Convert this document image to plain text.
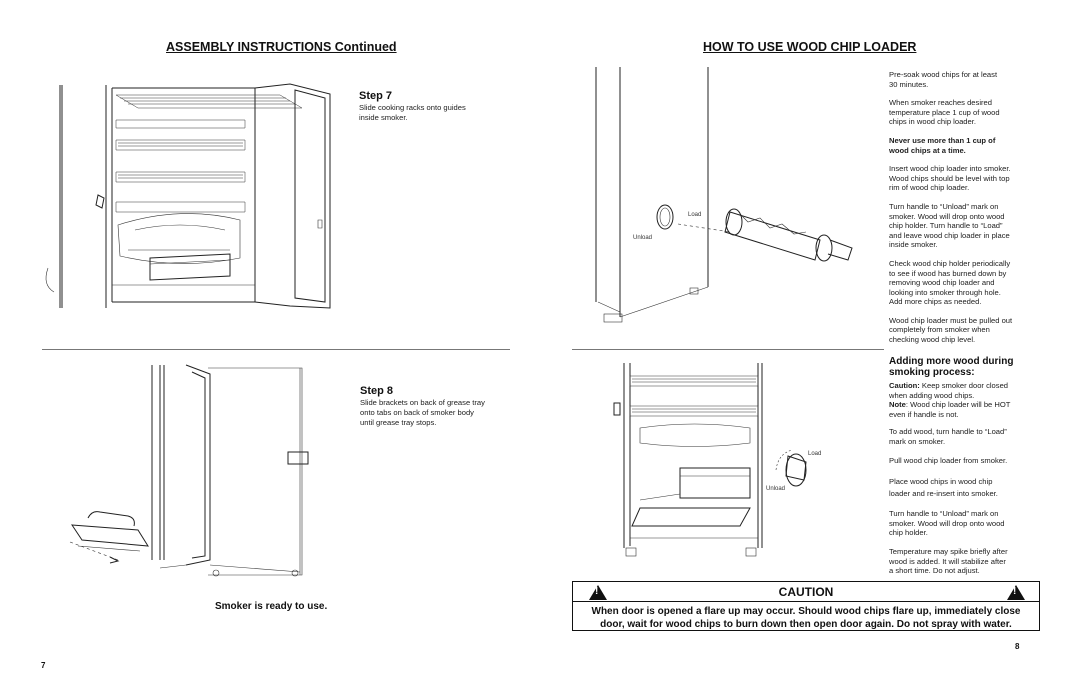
ASSEMBLY INSTRUCTIONS Continued
Step 7
Slide cooking racks onto guides
inside smoker.
Step 8
Slide brackets on back of grease tray
onto tabs on back of smoker body
until grease tray stops.
Smoker is ready to use.
7
HOW TO USE WOOD CHIP LOADER
Load
Unload

Pre-soak wood chips for at least
30 minutes.

When smoker reaches desired
temperature place 1 cup of wood
chips in wood chip loader.

Never use more than 1 cup of
wood chips at a time.

Insert wood chip loader into smoker.
Wood chips should be level with top
rim of wood chip loader.

Turn handle to “Unload” mark on
smoker. Wood will drop onto wood
chip holder. Turn handle to “Load”
and leave wood chip loader in place
inside smoker.

Check wood chip holder periodically
to see if wood has burned down by
removing wood chip loader and
looking into smoker through hole.
Add more chips as needed.

Wood chip loader must be pulled out
completely from smoker when
checking wood chip level.

Load
Unload
Adding more wood during
smoking process:

Caution: Keep smoker door closed
when adding wood chips.
Note: Wood chip loader will be HOT
even if handle is not.

To add wood, turn handle to “Load”
mark on smoker.

Pull wood chip loader from smoker.

Place wood chips in wood chip
loader and re-insert into smoker.

Turn handle to “Unload” mark on
smoker. Wood will drop onto wood
chip holder.

Temperature may spike briefly after
wood is added. It will stabilize after
a short time. Do not adjust.

!	CAUTION	!
When door is opened a flare up may occur. Should wood chips flare up, immediately close
door, wait for wood chips to burn down then open door again. Do not spray with water.
8
